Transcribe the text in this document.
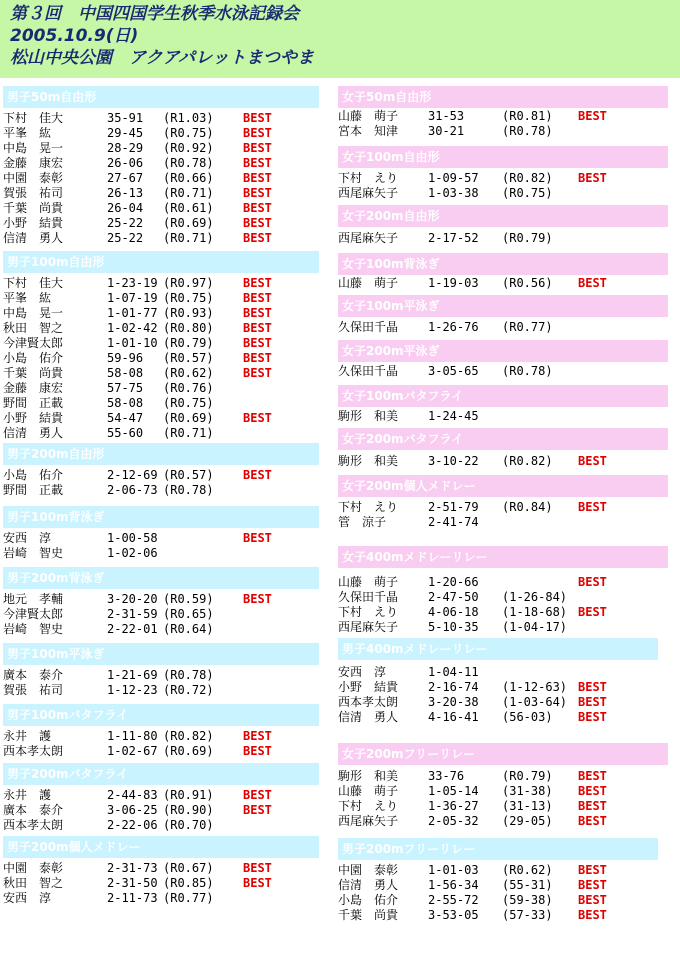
第３回　中国四国学生秋季水泳記録会
2005.10.9(日)
松山中央公園　アクアパレットまつやま
男子50m自由形
下村　佳大	35-91 (R1.03) BEST
平峯　紘	29-45 (R0.75) BEST
中島　晃一	28-29 (R0.92) BEST
金藤　康宏	26-06 (R0.78) BEST
中園　泰彰	27-67 (R0.66) BEST
賀張　祐司	26-13 (R0.71) BEST
千葉　尚貴	26-04 (R0.61) BEST
小野　結貴	25-22 (R0.69) BEST
信清　勇人	25-22 (R0.71) BEST
男子100m自由形
下村　佳大	1-23-19 (R0.97) BEST
平峯　紘	1-07-19 (R0.75) BEST
中島　晃一	1-01-77 (R0.93) BEST
秋田　智之	1-02-42 (R0.80) BEST
今津賢太郎	1-01-10 (R0.79) BEST
小島　佑介	59-96 (R0.57) BEST
千葉　尚貴	58-08 (R0.62) BEST
金藤　康宏	57-75 (R0.76)
野間　正載	58-08 (R0.75)
小野　結貴	54-47 (R0.69) BEST
信清　勇人	55-60 (R0.71)
男子200m自由形
小島　佑介	2-12-69 (R0.57) BEST
野間　正載	2-06-73 (R0.78)
男子100m背泳ぎ
安西　淳	1-00-58	BEST
岩崎　智史	1-02-06
男子200m背泳ぎ
地元　孝輔	3-20-20 (R0.59) BEST
今津賢太郎	2-31-59 (R0.65)
岩崎　智史	2-22-01 (R0.64)
男子100m平泳ぎ
廣本　泰介	1-21-69 (R0.78)
賀張　祐司	1-12-23 (R0.72)
男子100mバタフライ
永井　護	1-11-80 (R0.82) BEST
西本孝太朗	1-02-67 (R0.69) BEST
男子200mバタフライ
永井　護	2-44-83 (R0.91) BEST
廣本　泰介	3-06-25 (R0.90) BEST
西本孝太朗	2-22-06 (R0.70)
男子200m個人メドレー
中園　泰彰	2-31-73 (R0.67) BEST
秋田　智之	2-31-50 (R0.85) BEST
安西　淳	2-11-73 (R0.77)
女子50m自由形
山藤　萌子 31-53	(R0.81) BEST
宮本　知津 30-21	(R0.78)
女子100m自由形
下村　えり 1-09-57 (R0.82) BEST
西尾麻矢子 1-03-38 (R0.75)
女子200m自由形
西尾麻矢子 2-17-52 (R0.79)
女子100m背泳ぎ
山藤　萌子 1-19-03 (R0.56) BEST
女子100m平泳ぎ
久保田千晶 1-26-76 (R0.77)
女子200m平泳ぎ
久保田千晶 3-05-65 (R0.78)
女子100mバタフライ
駒形　和美 1-24-45
女子200mバタフライ
駒形　和美 3-10-22 (R0.82) BEST
女子200m個人メドレー
下村　えり 2-51-79 (R0.84) BEST
管　涼子	2-41-74
女子400mメドレーリレー
山藤　萌子 1-20-66	BEST
久保田千晶 2-47-50 (1-26-84)
下村　えり 4-06-18 (1-18-68) BEST
西尾麻矢子 5-10-35 (1-04-17)
男子400mメドレーリレー
安西　淳	1-04-11
小野　結貴 2-16-74 (1-12-63) BEST
西本孝太朗 3-20-38 (1-03-64) BEST
信清　勇人 4-16-41 (56-03) BEST
女子200mフリーリレー
駒形　和美 33-76	(R0.79) BEST
山藤　萌子 1-05-14 (31-38) BEST
下村　えり 1-36-27 (31-13) BEST
西尾麻矢子 2-05-32 (29-05) BEST
男子200mフリーリレー
中園　泰彰 1-01-03 (R0.62) BEST
信清　勇人 1-56-34 (55-31) BEST
小島　佑介 2-55-72 (59-38) BEST
千葉　尚貴 3-53-05 (57-33) BEST
